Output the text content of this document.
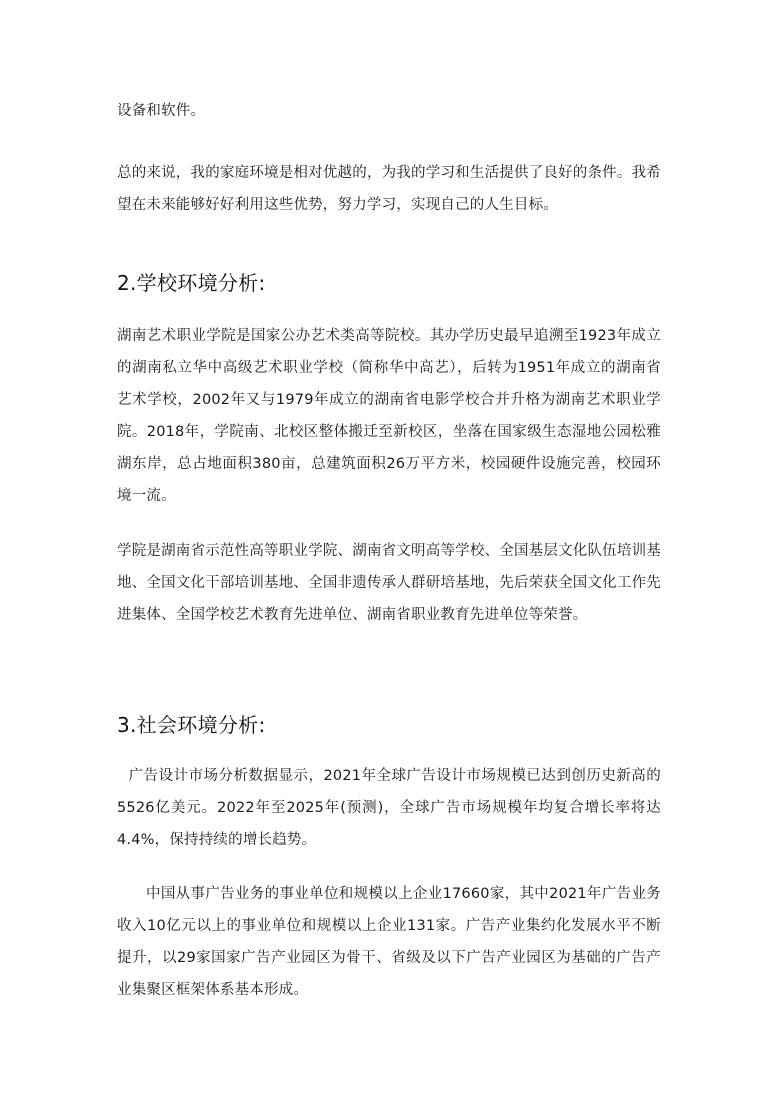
设备和软件。

总的来说，我的家庭环境是相对优越的，为我的学习和生活提供了良好的条件。我希望在未来能够好好利用这些优势，努力学习，实现自己的人生目标。

2.学校环境分析:

湖南艺术职业学院是国家公办艺术类高等院校。其办学历史最早追溯至1923年成立的湖南私立华中高级艺术职业学校（简称华中高艺），后转为1951年成立的湖南省艺术学校，2002年又与1979年成立的湖南省电影学校合并升格为湖南艺术职业学院。2018年，学院南、北校区整体搬迁至新校区，坐落在国家级生态湿地公园松雅湖东岸，总占地面积380亩，总建筑面积26万平方米，校园硬件设施完善，校园环境一流。

学院是湖南省示范性高等职业学院、湖南省文明高等学校、全国基层文化队伍培训基地、全国文化干部培训基地、全国非遗传承人群研培基地，先后荣获全国文化工作先进集体、全国学校艺术教育先进单位、湖南省职业教育先进单位等荣誉。

3.社会环境分析:

广告设计市场分析数据显示，2021年全球广告设计市场规模已达到创历史新高的5526亿美元。2022年至2025年(预测)，全球广告市场规模年均复合增长率将达4.4%，保持持续的增长趋势。

中国从事广告业务的事业单位和规模以上企业17660家，其中2021年广告业务收入10亿元以上的事业单位和规模以上企业131家。广告产业集约化发展水平不断提升，以29家国家广告产业园区为骨干、省级及以下广告产业园区为基础的广告产业集聚区框架体系基本形成。
